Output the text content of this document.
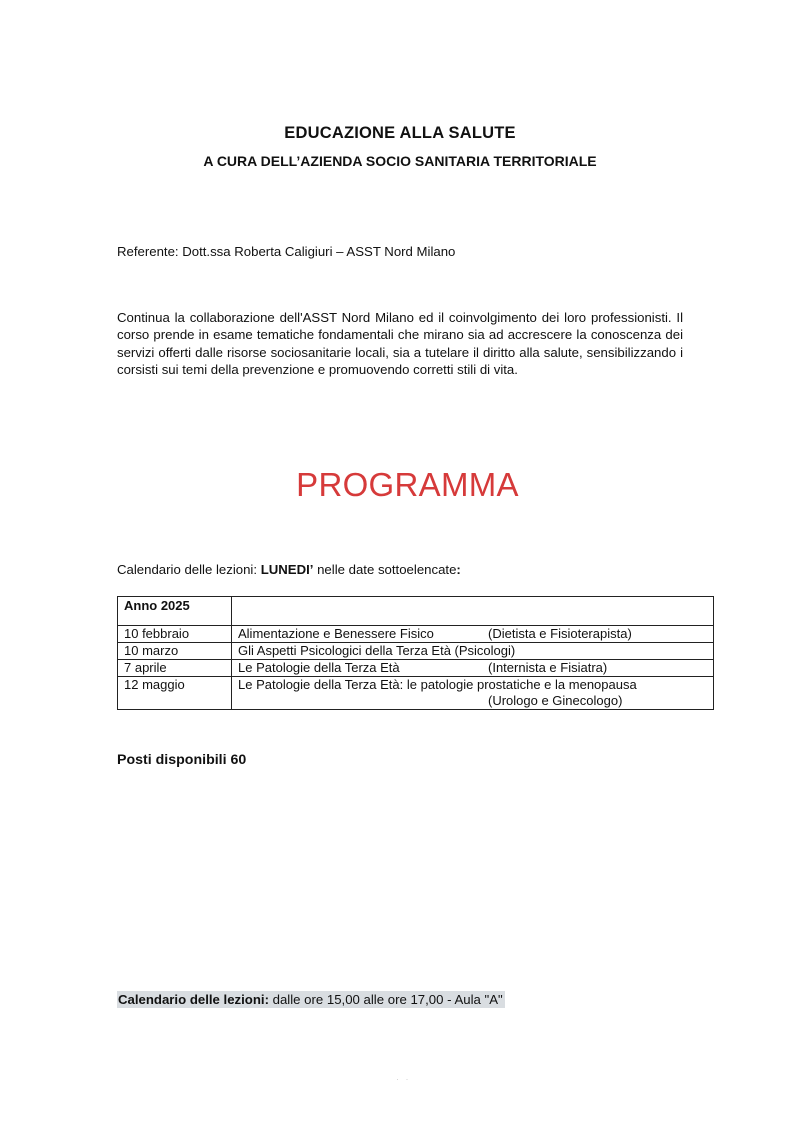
EDUCAZIONE ALLA SALUTE
A CURA DELL’AZIENDA SOCIO SANITARIA TERRITORIALE
Referente: Dott.ssa Roberta Caligiuri – ASST Nord Milano
Continua la collaborazione dell'ASST Nord Milano ed il coinvolgimento dei loro professionisti. Il corso prende in esame tematiche fondamentali che mirano sia ad accrescere la conoscenza dei servizi offerti dalle risorse sociosanitarie locali, sia a tutelare il diritto alla salute, sensibilizzando i corsisti sui temi della prevenzione e promuovendo corretti stili di vita.
PROGRAMMA
Calendario delle lezioni: LUNEDI’ nelle date sottoelencate:
Anno 2025	
10 febbraio	Alimentazione e Benessere Fisico (Dietista e Fisioterapista)
10 marzo	Gli Aspetti Psicologici della Terza Età (Psicologi)
7 aprile	Le Patologie della Terza Età (Internista e Fisiatra)
12 maggio	Le Patologie della Terza Età: le patologie prostatiche e la menopausa
(Urologo e Ginecologo)
Posti disponibili 60
Calendario delle lezioni: dalle ore 15,00 alle ore 17,00 - Aula "A"
· ·
